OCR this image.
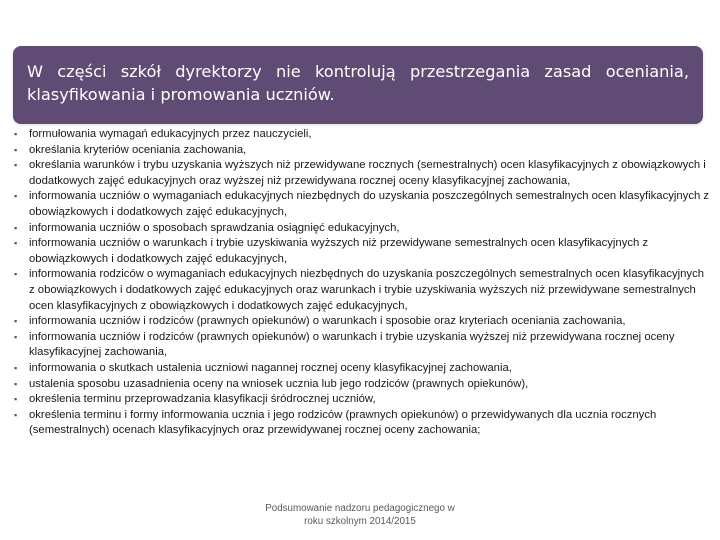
W części szkół dyrektorzy nie kontrolują przestrzegania zasad oceniania, klasyfikowania i promowania uczniów.
▪	formułowania wymagań edukacyjnych przez nauczycieli,
▪	określania kryteriów oceniania zachowania,
▪	określania warunków i trybu uzyskania wyższych niż przewidywane rocznych (semestralnych) ocen klasyfikacyjnych z obowiązkowych i dodatkowych zajęć edukacyjnych oraz wyższej niż przewidywana rocznej oceny klasyfikacyjnej zachowania,
▪	informowania uczniów o wymaganiach edukacyjnych niezbędnych do uzyskania poszczególnych semestralnych ocen klasyfikacyjnych z obowiązkowych i dodatkowych zajęć edukacyjnych,
▪	informowania uczniów o sposobach sprawdzania osiągnięć edukacyjnych,
▪	informowania uczniów o warunkach i trybie uzyskiwania wyższych niż przewidywane semestralnych ocen klasyfikacyjnych z obowiązkowych i dodatkowych zajęć edukacyjnych,
▪	informowania rodziców o wymaganiach edukacyjnych niezbędnych do uzyskania poszczególnych semestralnych ocen klasyfikacyjnych z obowiązkowych i dodatkowych zajęć edukacyjnych oraz warunkach i trybie uzyskiwania wyższych niż przewidywane semestralnych ocen klasyfikacyjnych z obowiązkowych i dodatkowych zajęć edukacyjnych,
▪	informowania uczniów i rodziców (prawnych opiekunów) o warunkach i sposobie oraz kryteriach oceniania zachowania,
▪	informowania uczniów i rodziców (prawnych opiekunów) o warunkach i trybie uzyskania wyższej niż przewidywana rocznej oceny klasyfikacyjnej zachowania,
▪	informowania o skutkach ustalenia uczniowi nagannej rocznej oceny klasyfikacyjnej zachowania,
▪	ustalenia sposobu uzasadnienia oceny na wniosek ucznia lub jego rodziców (prawnych opiekunów),
▪	określenia terminu przeprowadzania klasyfikacji śródrocznej uczniów,
▪	określenia terminu i formy informowania ucznia i jego rodziców (prawnych opiekunów) o przewidywanych dla ucznia rocznych (semestralnych) ocenach klasyfikacyjnych oraz przewidywanej rocznej oceny zachowania;
Podsumowanie nadzoru pedagogicznego w
roku szkolnym 2014/2015
